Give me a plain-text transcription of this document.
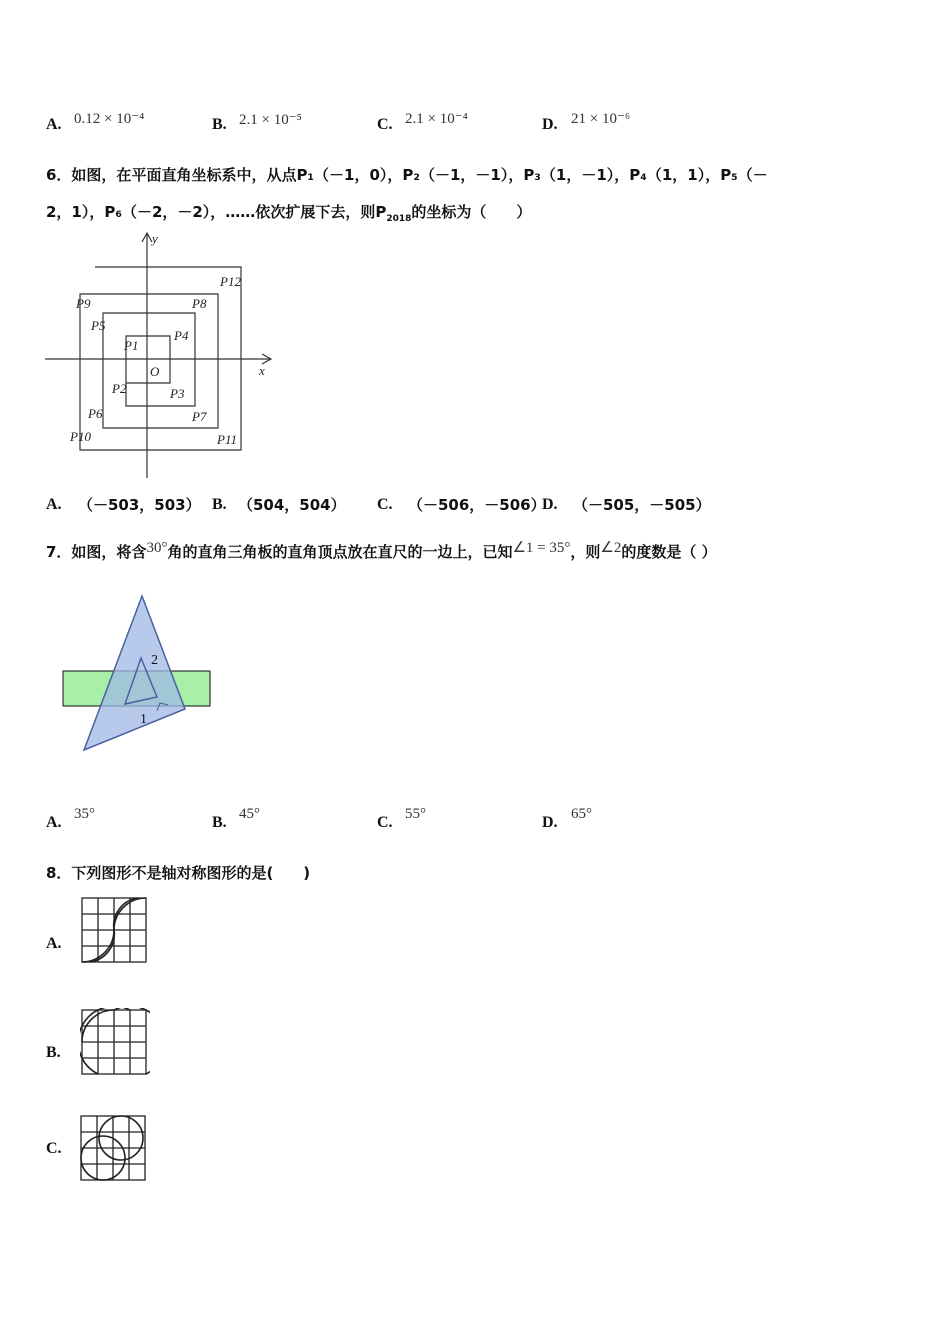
A. 0.12 × 10⁻⁴	B. 2.1 × 10⁻⁵	C. 2.1 × 10⁻⁴	D. 21 × 10⁻⁶
6．如图，在平面直角坐标系中，从点P₁（－1，0），P₂（－1，－1），P₃（1，－1），P₄（1，1），P₅（－
2，1），P₆（－2，－2），……依次扩展下去，则$P_{2018}$的坐标为（　　）
y
x
O
P1
P2	P3
P4
P5
P6	P7
P8
P9
P10	P11
P12
A. （－503，503） B. （504，504） C. （－506，－506）
D. （－505，－505）
7．如图，将含30°角的直角三角板的直角顶点放在直尺的一边上，已知∠1 = 35°，则∠2的度数是（ ）
2
1
A. 35°	B. 45°	C. 55°	D. 65°
8．下列图形不是轴对称图形的是(　　)
A.
B.
C.
